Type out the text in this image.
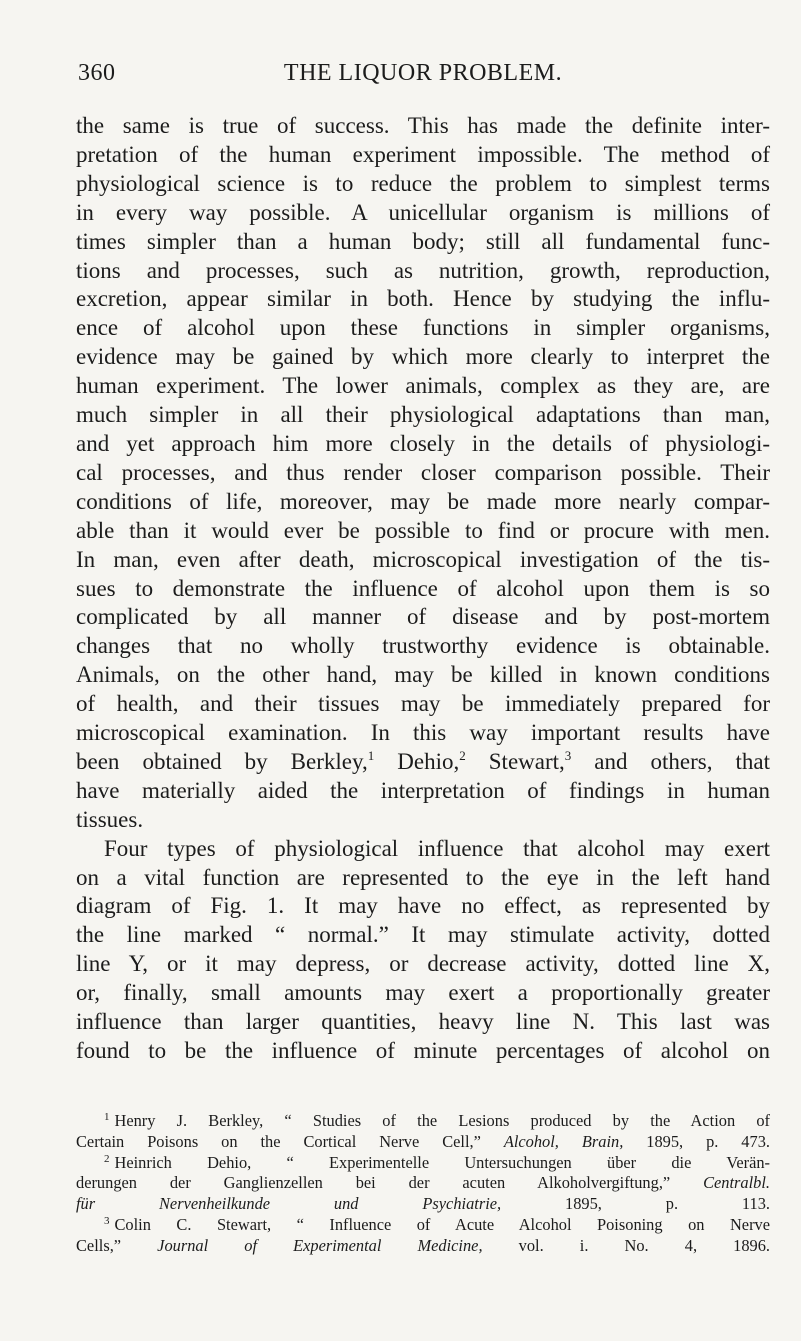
360	THE LIQUOR PROBLEM.

the same is true of success. This has made the definite inter-
pretation of the human experiment impossible. The method of
physiological science is to reduce the problem to simplest terms
in every way possible. A unicellular organism is millions of
times simpler than a human body; still all fundamental func-
tions and processes, such as nutrition, growth, reproduction,
excretion, appear similar in both. Hence by studying the influ-
ence of alcohol upon these functions in simpler organisms,
evidence may be gained by which more clearly to interpret the
human experiment. The lower animals, complex as they are, are
much simpler in all their physiological adaptations than man,
and yet approach him more closely in the details of physiologi-
cal processes, and thus render closer comparison possible. Their
conditions of life, moreover, may be made more nearly compar-
able than it would ever be possible to find or procure with men.
In man, even after death, microscopical investigation of the tis-
sues to demonstrate the influence of alcohol upon them is so
complicated by all manner of disease and by post-mortem
changes that no wholly trustworthy evidence is obtainable.
Animals, on the other hand, may be killed in known conditions
of health, and their tissues may be immediately prepared for
microscopical examination. In this way important results have
been obtained by Berkley,$^1$ Dehio,$^2$ Stewart,$^3$ and others, that
have materially aided the interpretation of findings in human
tissues.

Four types of physiological influence that alcohol may exert
on a vital function are represented to the eye in the left hand
diagram of Fig. 1. It may have no effect, as represented by
the line marked “ normal.” It may stimulate activity, dotted
line Y, or it may depress, or decrease activity, dotted line X,
or, finally, small amounts may exert a proportionally greater
influence than larger quantities, heavy line N. This last was
found to be the influence of minute percentages of alcohol on

$^1$ Henry J. Berkley, “ Studies of the Lesions produced by the Action of
Certain Poisons on the Cortical Nerve Cell,” Alcohol, Brain, 1895, p. 473.
$^2$ Heinrich Dehio, “ Experimentelle Untersuchungen über die Verän-
derungen der Ganglienzellen bei der acuten Alkoholvergiftung,” Centralbl.
für Nervenheilkunde und Psychiatrie, 1895, p. 113.
$^3$ Colin C. Stewart, “ Influence of Acute Alcohol Poisoning on Nerve
Cells,” Journal of Experimental Medicine, vol. i. No. 4, 1896.
